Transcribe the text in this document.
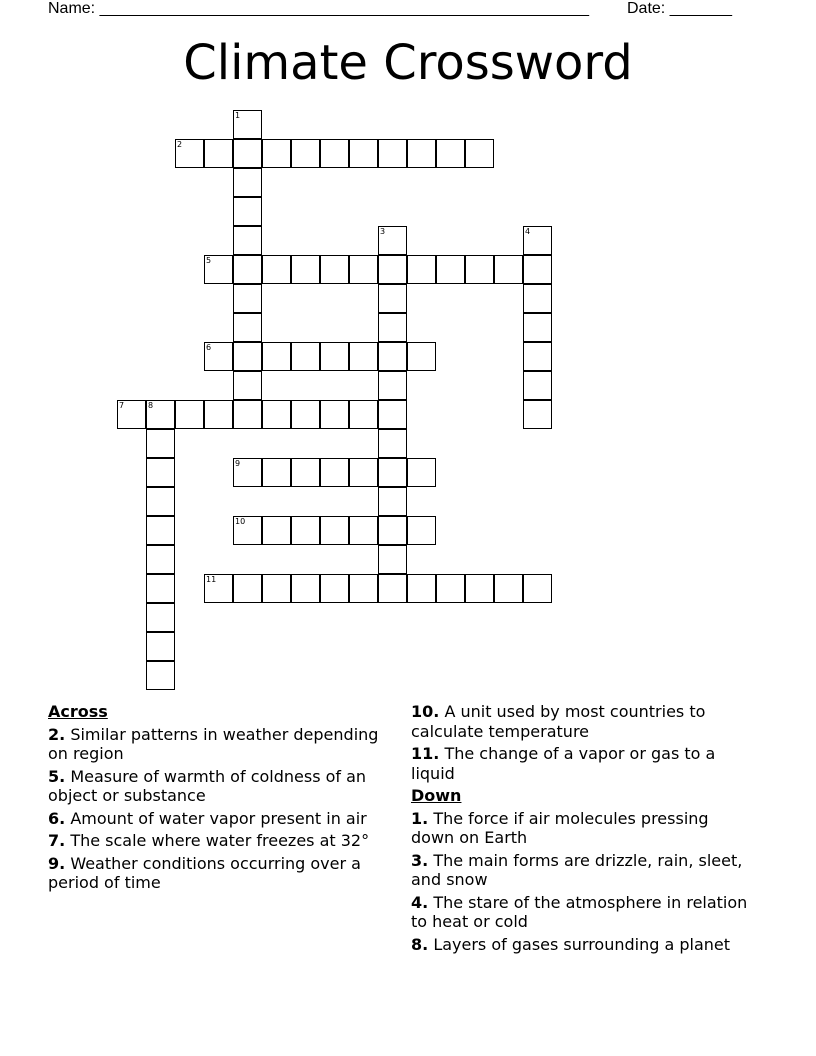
Name: _______________________________________________________ Date: _______
Climate Crossword
1
2
3	4
5
6
7	8
9
10
11
Across
2. Similar patterns in weather depending on region
5. Measure of warmth of coldness of an object or substance
6. Amount of water vapor present in air
7. The scale where water freezes at 32°
9. Weather conditions occurring over a period of time
10. A unit used by most countries to calculate temperature
11. The change of a vapor or gas to a liquid
Down
1. The force if air molecules pressing down on Earth
3. The main forms are drizzle, rain, sleet, and snow
4. The stare of the atmosphere in relation to heat or cold
8. Layers of gases surrounding a planet
